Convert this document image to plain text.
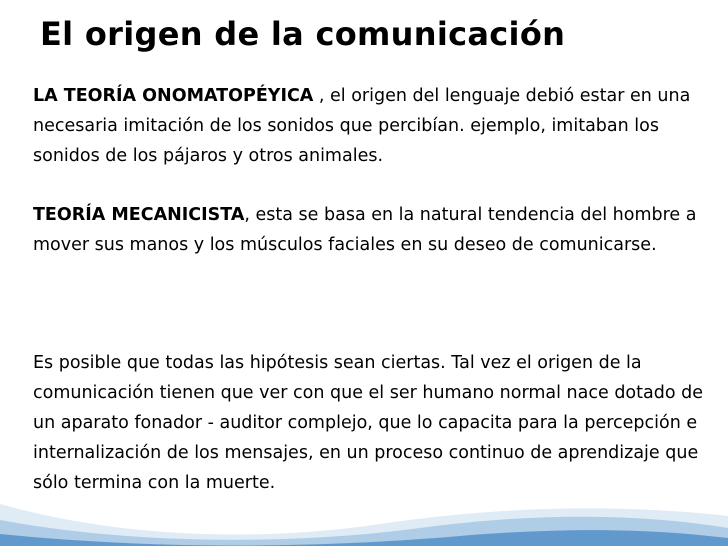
El origen de la comunicación

LA TEORÍA ONOMATOPÉYICA , el origen del lenguaje debió estar en una necesaria imitación de los sonidos que percibían. ejemplo, imitaban los sonidos de los pájaros y otros animales.

TEORÍA MECANICISTA, esta se basa en la natural tendencia del hombre a mover sus manos y los músculos faciales en su deseo de comunicarse.

Es posible que todas las hipótesis sean ciertas. Tal vez el origen de la comunicación tienen que ver con que el ser humano normal nace dotado de un aparato fonador - auditor complejo, que lo capacita para la percepción e internalización de los mensajes, en un proceso continuo de aprendizaje que sólo termina con la muerte.
